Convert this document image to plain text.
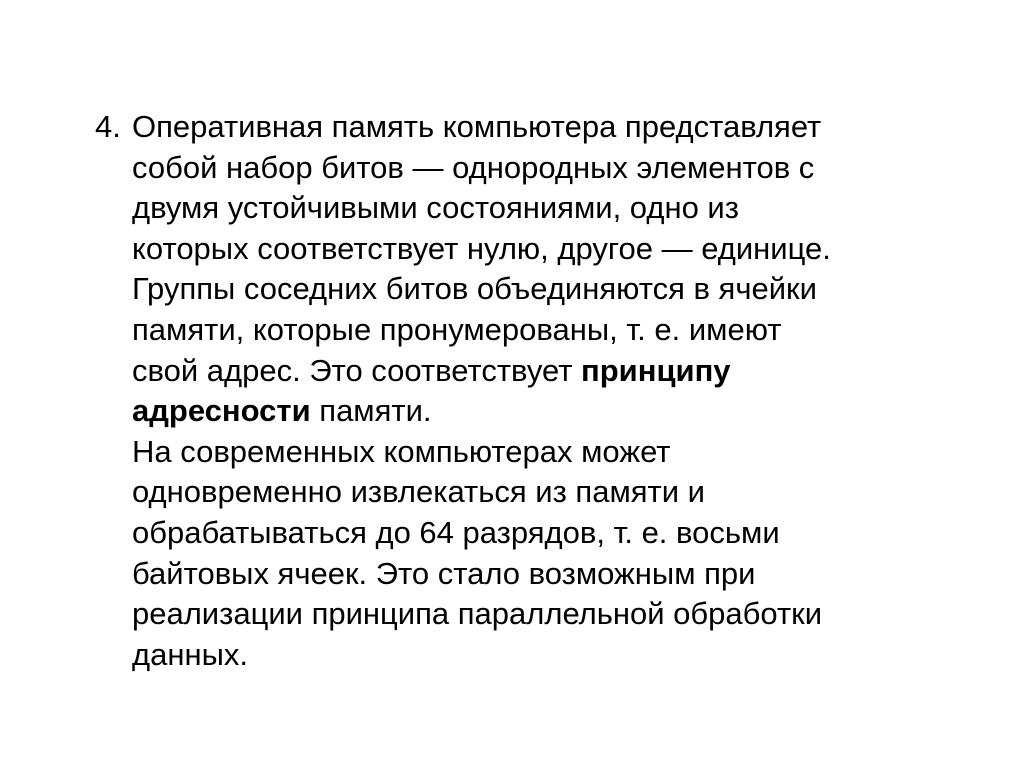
4. Оперативная память компьютера представляет
собой набор битов — однородных элементов с
двумя устойчивыми состояниями, одно из
которых соответствует нулю, другое — единице.
Группы соседних битов объединяются в ячейки
памяти, которые пронумерованы, т. е. имеют
свой адрес. Это соответствует принципу
адресности памяти.
На современных компьютерах может
одновременно извлекаться из памяти и
обрабатываться до 64 разрядов, т. е. восьми
байтовых ячеек. Это стало возможным при
реализации принципа параллельной обработки
данных.
